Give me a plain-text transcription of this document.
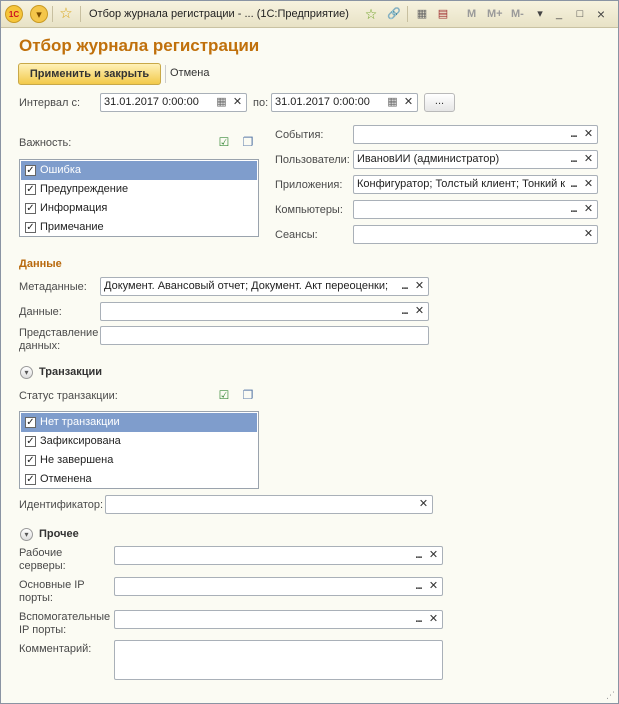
1С	▾	☆ Отбор журнала регистрации - ... (1С:Предприятие) ☆ 🔗	▦ ▤	M M+ M-	▾	_	□ ×
Отбор журнала регистрации
Применить и закрыть	Отмена
Интервал с: 31.01.2017 0:00:00	▦ ✕ по: 31.01.2017 0:00:00	▦ ✕	...
Важность:	☑ ❐
✓ Ошибка
✓ Предупреждение
✓ Информация
✓ Примечание
События:	... ✕
Пользователи: ИвановИИ (администратор)	... ✕
Приложения: Конфигуратор; Толстый клиент; Тонкий к ... ✕
Компьютеры:	... ✕
Сеансы:	✕
Данные
Метаданные: Документ. Авансовый отчет; Документ. Акт переоценки;	... ✕
Данные:	... ✕
Представление данных:
▾ Транзакции
Статус транзакции:	☑ ❐
✓ Нет транзакции
✓ Зафиксирована
✓ Не завершена
✓ Отменена
Идентификатор:	✕
▾ Прочее
Рабочие серверы:
... ✕
Основные IP порты:
... ✕
Вспомогательные IP порты:
... ✕
Комментарий:
⋰
